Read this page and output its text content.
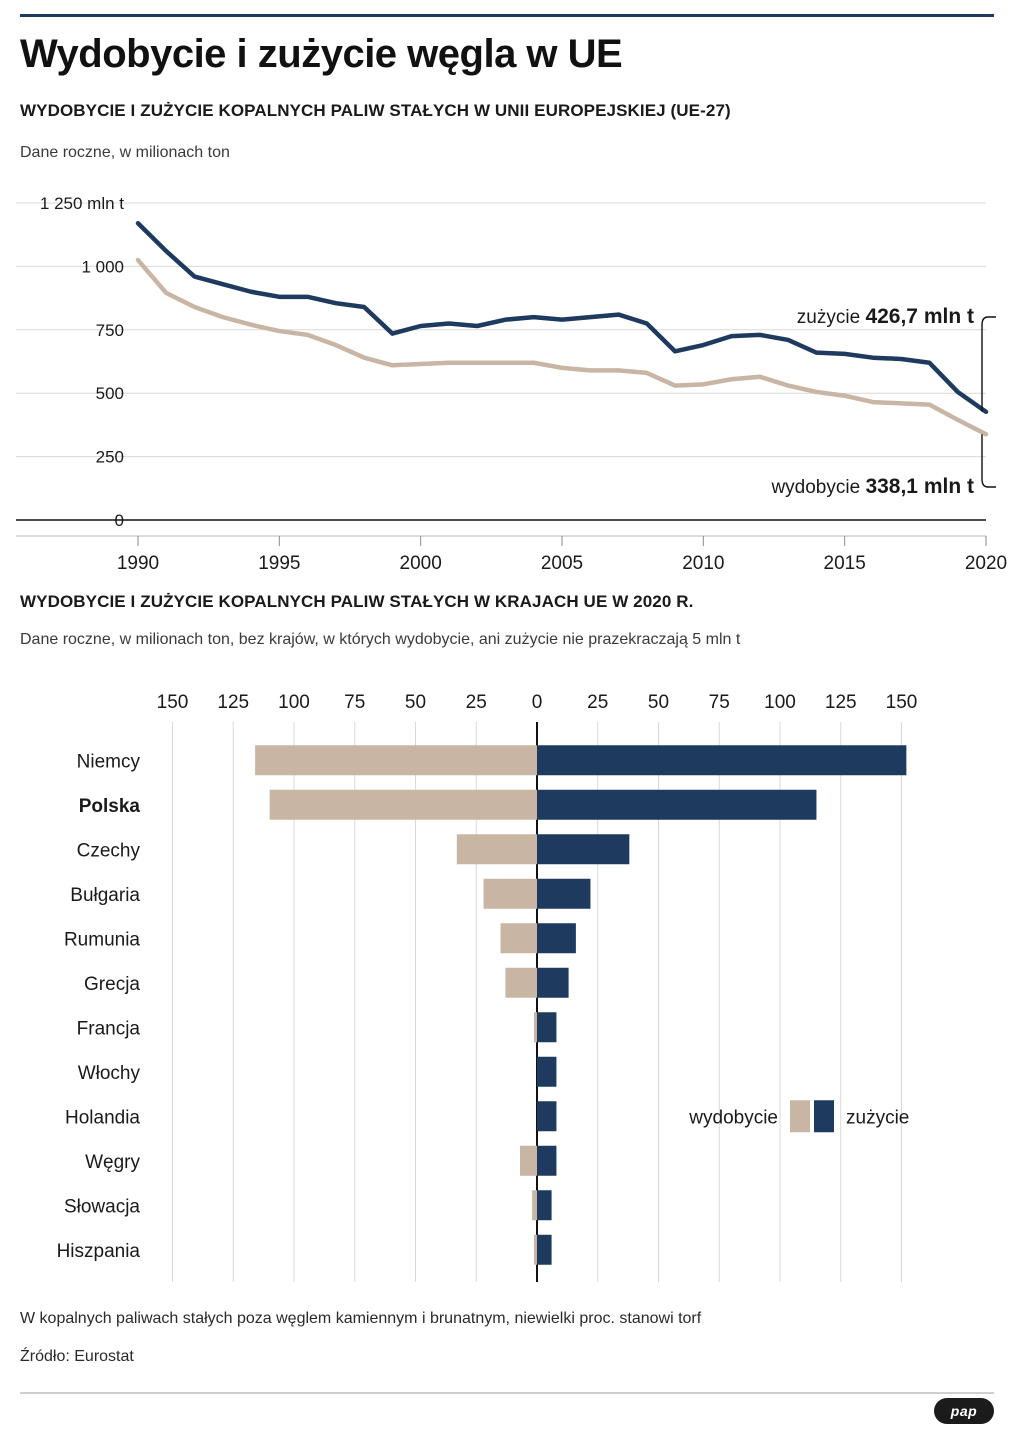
Wydobycie i zużycie węgla w UE
WYDOBYCIE I ZUŻYCIE KOPALNYCH PALIW STAŁYCH W UNII EUROPEJSKIEJ (UE-27)
Dane roczne, w milionach ton
0
250
500
750
1 000
1 250 mln t
1990	1995	2000	2005	2010	2015	2020
zużycie 426,7 mln t
wydobycie 338,1 mln t
WYDOBYCIE I ZUŻYCIE KOPALNYCH PALIW STAŁYCH W KRAJACH UE W 2020 R.
Dane roczne, w milionach ton, bez krajów, w których wydobycie, ani zużycie nie prazekraczają 5 mln t
150 125 100 75 50 25 0 25 50 75 100 125 150
Niemcy
Polska
Czechy
Bułgaria
Rumunia
Grecja
Francja
Włochy
Holandia
Węgry
Słowacja
Hiszpania
wydobycie	zużycie
W kopalnych paliwach stałych poza węglem kamiennym i brunatnym, niewielki proc. stanowi torf
Źródło: Eurostat
pap
